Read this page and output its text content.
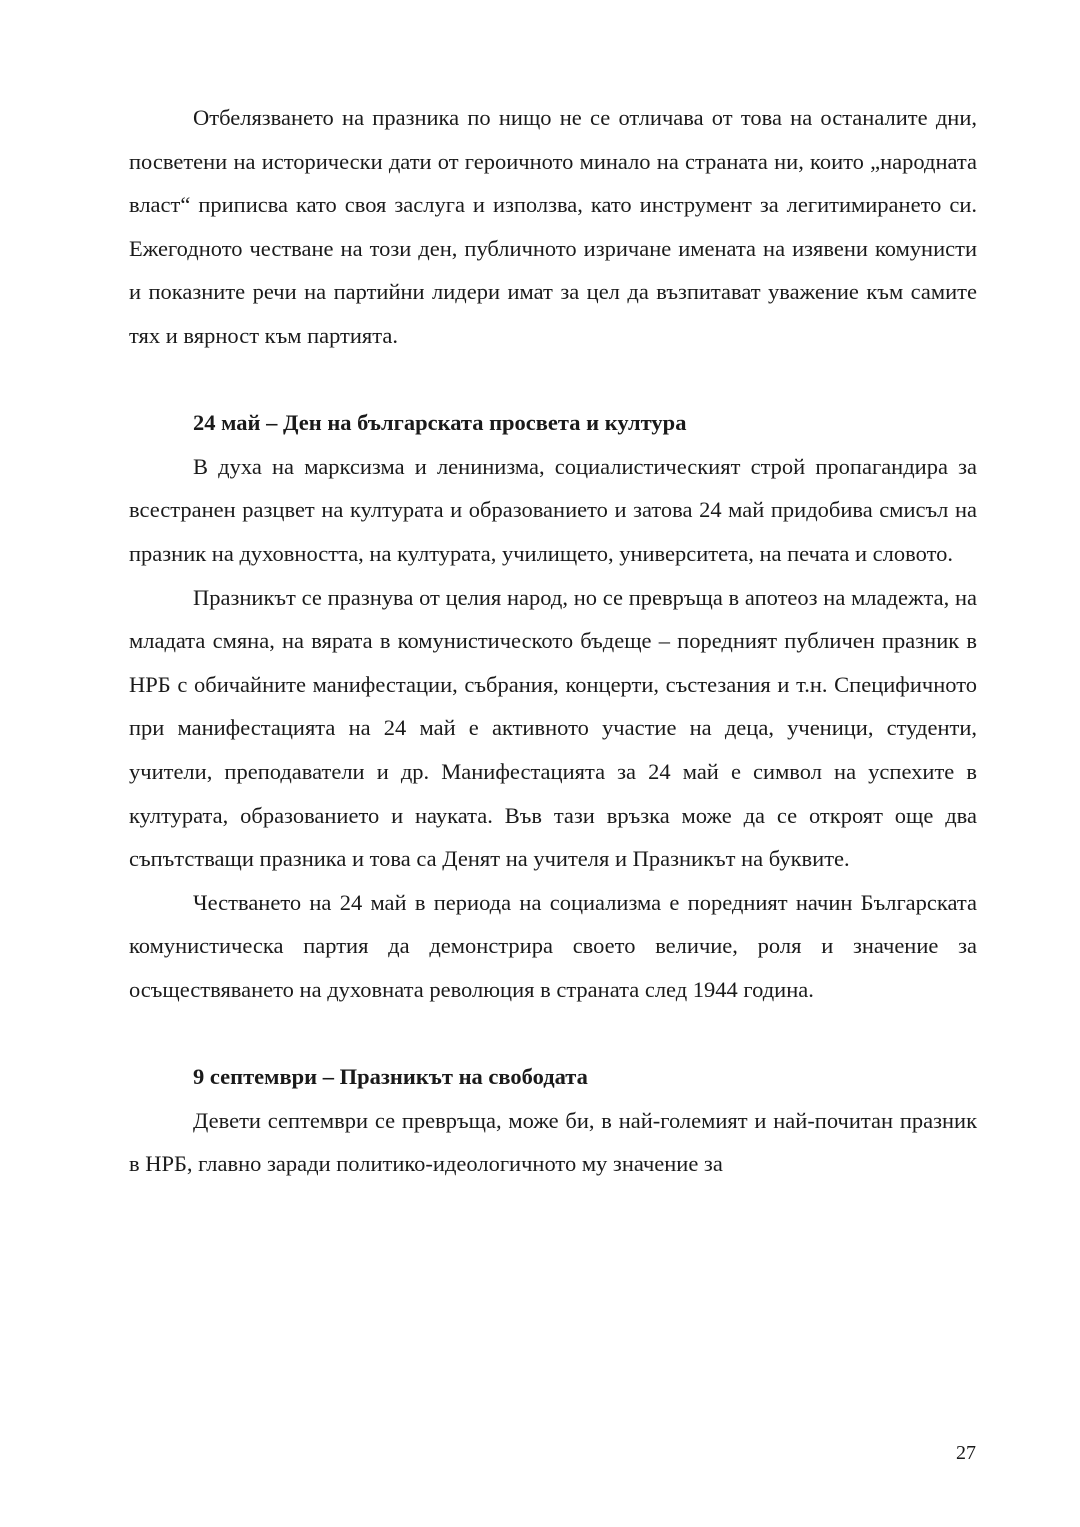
Отбелязването на празника по нищо не се отличава от това на останалите дни, посветени на исторически дати от героичното минало на страната ни, които „народната власт“ приписва като своя заслуга и използва, като инструмент за легитимирането си. Ежегодното честване на този ден, публичното изричане имената на изявени комунисти и показните речи на партийни лидери имат за цел да възпитават уважение към самите тях и вярност към партията.

24 май – Ден на българската просвета и култура

В духа на марксизма и ленинизма, социалистическият строй пропагандира за всестранен разцвет на културата и образованието и затова 24 май придобива смисъл на празник на духовността, на културата, училището, университета, на печата и словото.

Празникът се празнува от целия народ, но се превръща в апотеоз на младежта, на младата смяна, на вярата в комунистическото бъдеще – поредният публичен празник в НРБ с обичайните манифестации, събрания, концерти, състезания и т.н. Специфичното при манифестацията на 24 май е активното участие на деца, ученици, студенти, учители, преподаватели и др. Манифестацията за 24 май е символ на успехите в културата, образованието и науката. Във тази връзка може да се откроят още два съпътстващи празника и това са Денят на учителя и Празникът на буквите.

Честването на 24 май в периода на социализма е поредният начин Българската комунистическа партия да демонстрира своето величие, роля и значение за осъществяването на духовната революция в страната след 1944 година.

9 септември – Празникът на свободата

Девети септември се превръща, може би, в най-големият и най-почитан празник в НРБ, главно заради политико-идеологичното му значение за

27
